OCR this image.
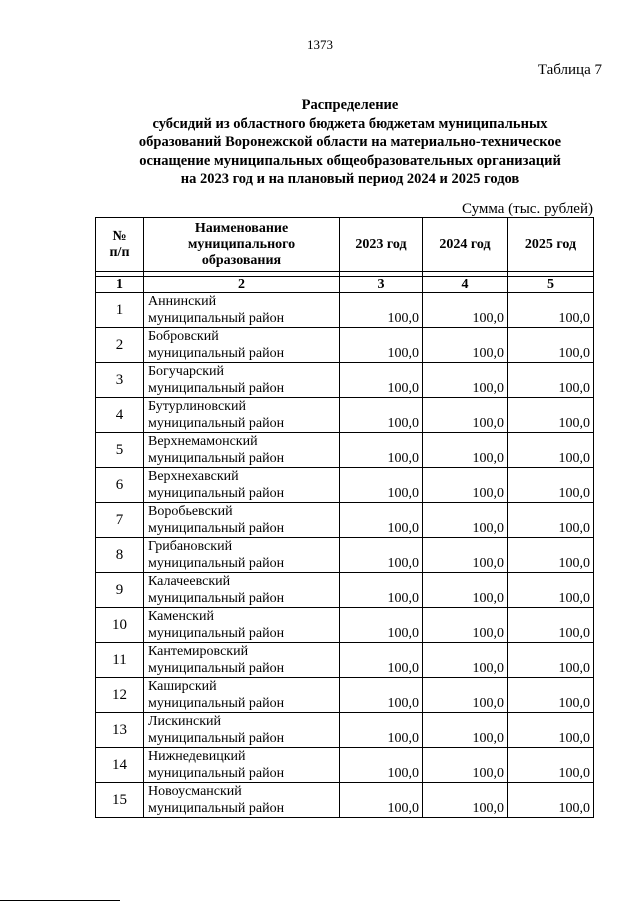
1373
Таблица 7
Распределение
субсидий из областного бюджета бюджетам муниципальных
образований Воронежской области на материально-техническое
оснащение муниципальных общеобразовательных организаций
на 2023 год и на плановый период 2024 и 2025 годов
Сумма (тыс. рублей)
№
п/п	Наименование
муниципального
образования	2023 год	2024 год	2025 год

1	2	3	4	5
1	Аннинский
муниципальный район	100,0	100,0	100,0
2	Бобровский
муниципальный район	100,0	100,0	100,0
3	Богучарский
муниципальный район	100,0	100,0	100,0
4	Бутурлиновский
муниципальный район	100,0	100,0	100,0
5	Верхнемамонский
муниципальный район	100,0	100,0	100,0
6	Верхнехавский
муниципальный район	100,0	100,0	100,0
7	Воробьевский
муниципальный район	100,0	100,0	100,0
8	Грибановский
муниципальный район	100,0	100,0	100,0
9	Калачеевский
муниципальный район	100,0	100,0	100,0
10	Каменский
муниципальный район	100,0	100,0	100,0
11	Кантемировский
муниципальный район	100,0	100,0	100,0
12	Каширский
муниципальный район	100,0	100,0	100,0
13	Лискинский
муниципальный район	100,0	100,0	100,0
14	Нижнедевицкий
муниципальный район	100,0	100,0	100,0
15	Новоусманский
муниципальный район	100,0	100,0	100,0
